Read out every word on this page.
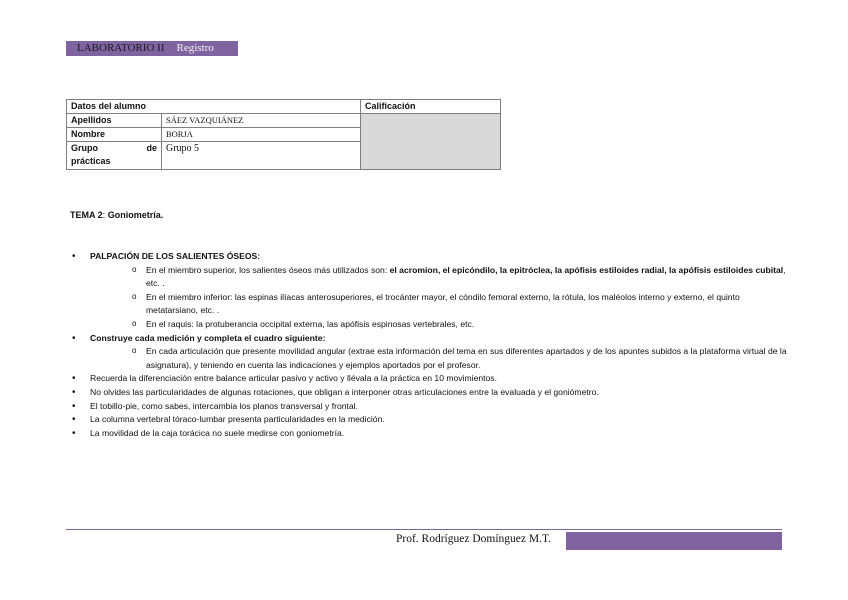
LABORATORIO II Registro
Datos del alumno		Calificación
Apellidos	SÁEZ VAZQUIÁNEZ	
Nombre	BORJA	

Grupo de
prácticas	Grupo 5	
TEMA 2: Goniometría.
• PALPACIÓN DE LOS SALIENTES ÓSEOS:
o En el miembro superior, los salientes óseos más utilizados son: el acromion, el epicóndilo, la epitróclea, la apófisis estiloides radial, la apófisis estiloides cubital, etc. .
o En el miembro inferior: las espinas ilíacas anterosuperiores, el trocánter mayor, el cóndilo femoral externo, la rótula, los maléolos interno y externo, el quinto metatarsiano, etc. .
o En el raquis: la protuberancia occipital externa, las apófisis espinosas vertebrales, etc.
• Construye cada medición y completa el cuadro siguiente:
o En cada articulación que presente movilidad angular (extrae esta información del tema en sus diferentes apartados y de los apuntes subidos a la plataforma virtual de la asignatura), y teniendo en cuenta las indicaciones y ejemplos aportados por el profesor.
• Recuerda la diferenciación entre balance articular pasivo y activo y llévala a la práctica en 10 movimientos.
• No olvides las particularidades de algunas rotaciones, que obligan a interponer otras articulaciones entre la evaluada y el goniómetro.
• El tobillo-pie, como sabes, intercambia los planos transversal y frontal.
• La columna vertebral tóraco-lumbar presenta particularidades en la medición.
• La movilidad de la caja torácica no suele medirse con goniometría.
Prof. Rodríguez Domínguez M.T.
